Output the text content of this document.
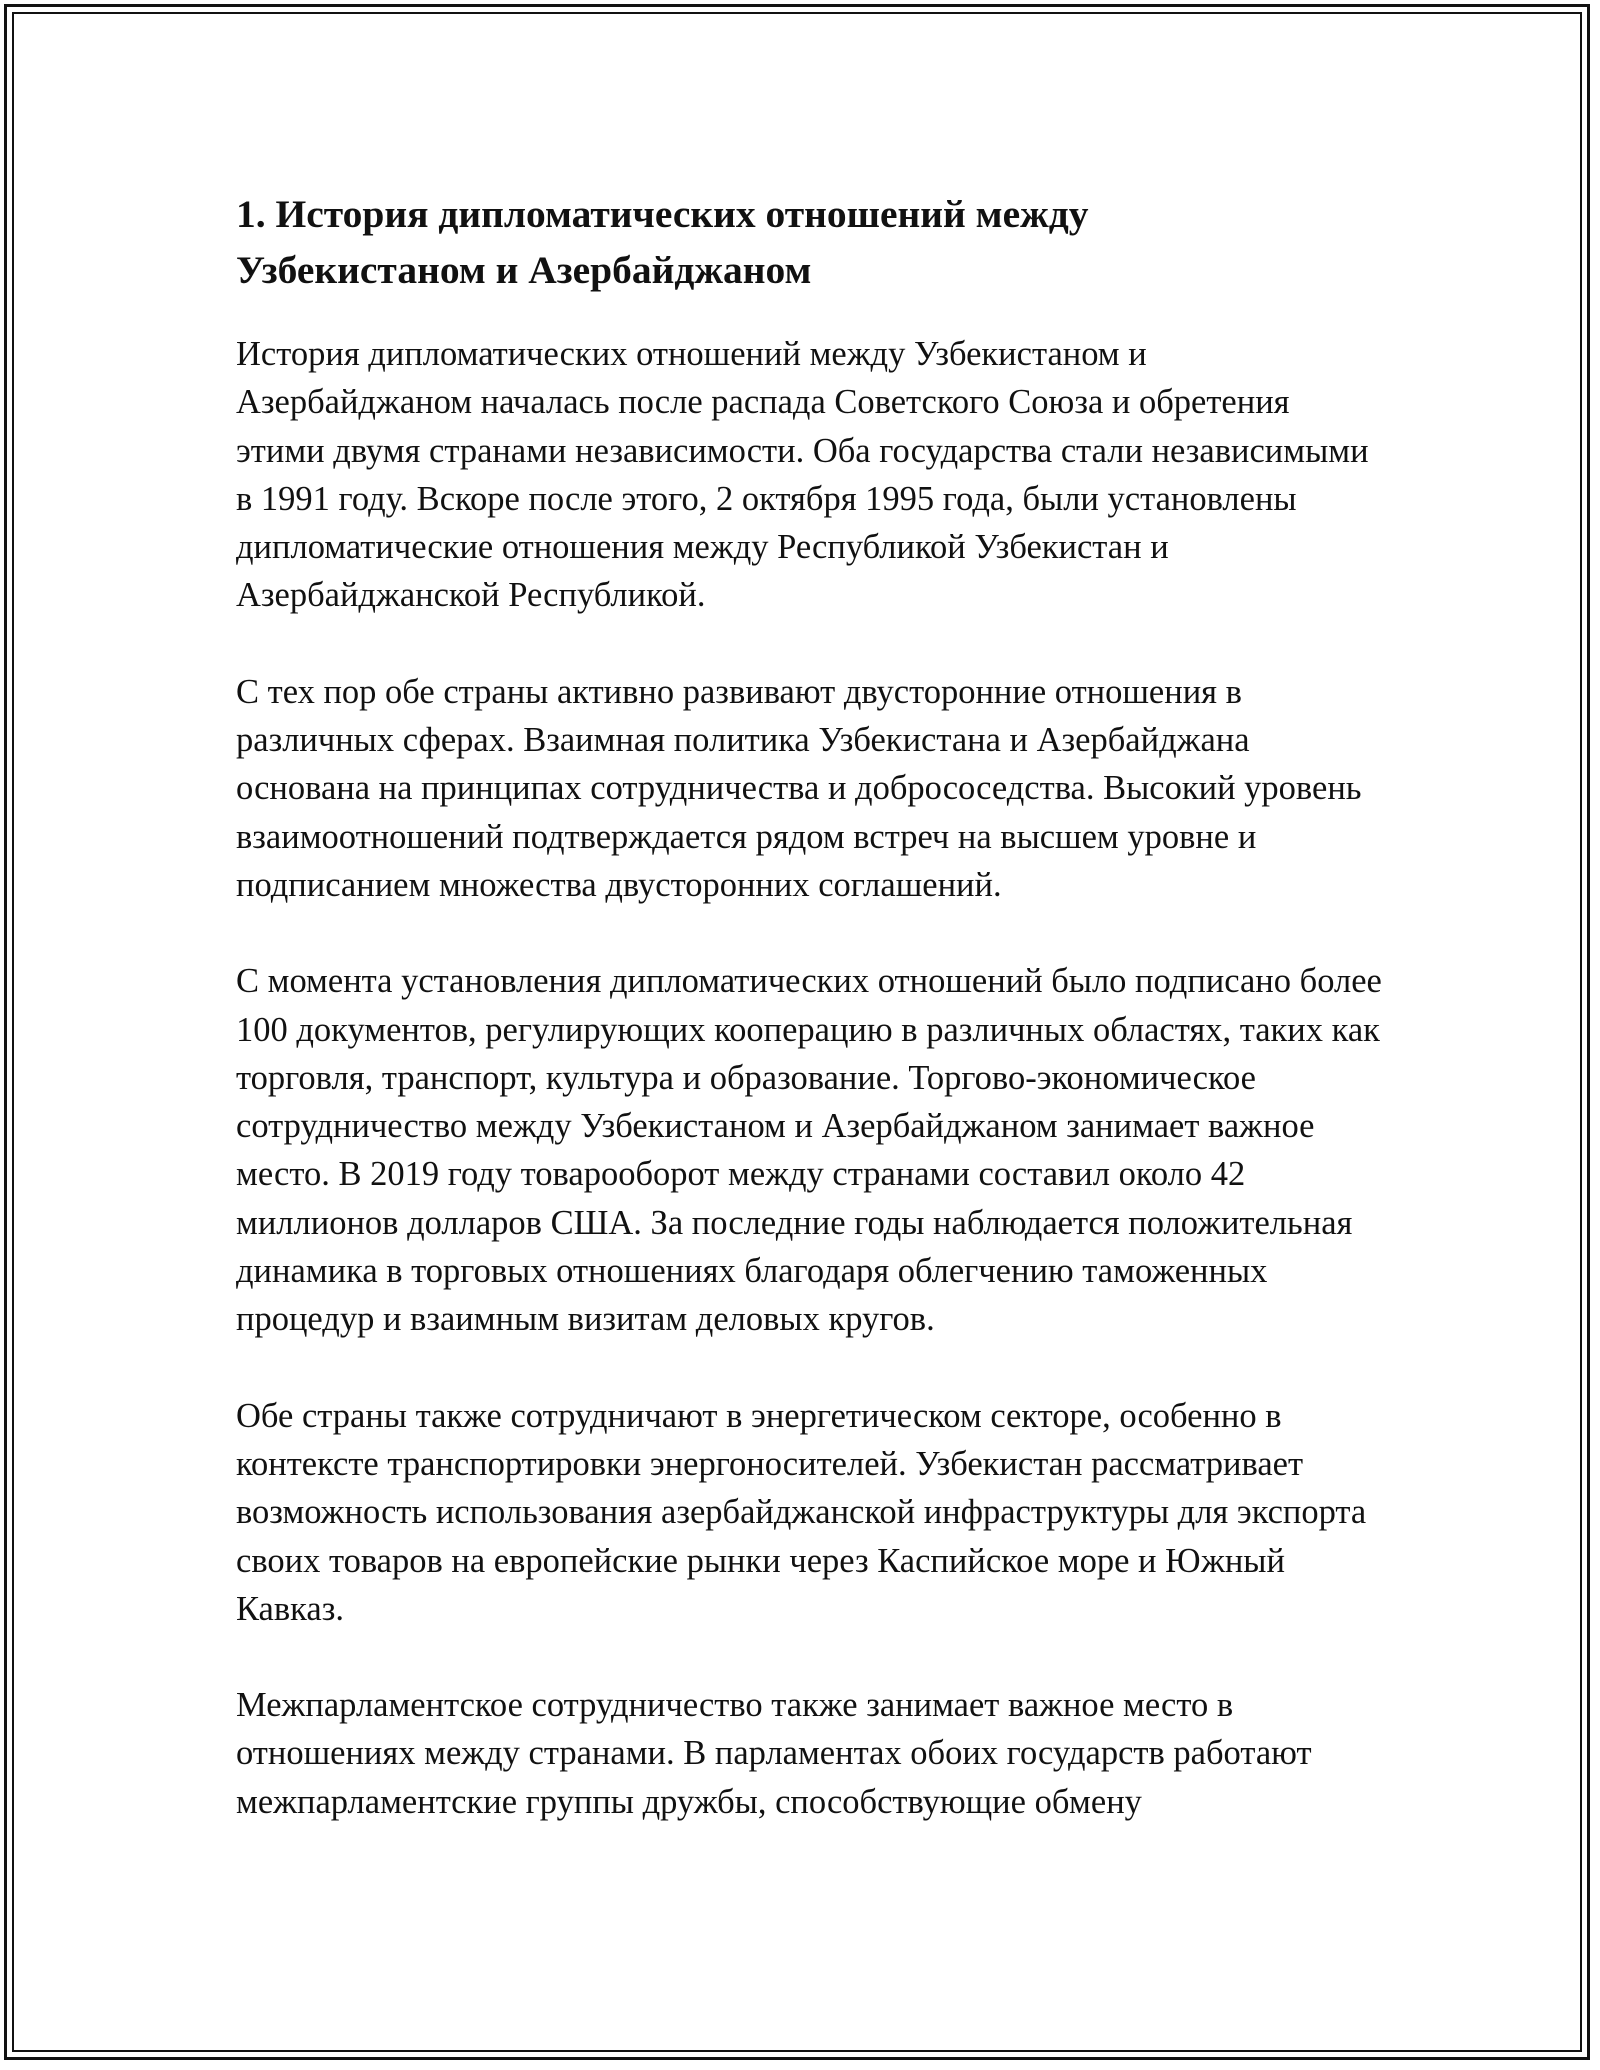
1. История дипломатических отношений между
Узбекистаном и Азербайджаном

История дипломатических отношений между Узбекистаном и Азербайджаном началась после распада Советского Союза и обретения этими двумя странами независимости. Оба государства стали независимыми в 1991 году. Вскоре после этого, 2 октября 1995 года, были установлены дипломатические отношения между Республикой Узбекистан и Азербайджанской Республикой.

С тех пор обе страны активно развивают двусторонние отношения в различных сферах. Взаимная политика Узбекистана и Азербайджана основана на принципах сотрудничества и добрососедства. Высокий уровень взаимоотношений подтверждается рядом встреч на высшем уровне и подписанием множества двусторонних соглашений.

С момента установления дипломатических отношений было подписано более 100 документов, регулирующих кооперацию в различных областях, таких как торговля, транспорт, культура и образование. Торгово-экономическое сотрудничество между Узбекистаном и Азербайджаном занимает важное место. В 2019 году товарооборот между странами составил около 42 миллионов долларов США. За последние годы наблюдается положительная динамика в торговых отношениях благодаря облегчению таможенных процедур и взаимным визитам деловых кругов.

Обе страны также сотрудничают в энергетическом секторе, особенно в контексте транспортировки энергоносителей. Узбекистан рассматривает возможность использования азербайджанской инфраструктуры для экспорта своих товаров на европейские рынки через Каспийское море и Южный Кавказ.

Межпарламентское сотрудничество также занимает важное место в отношениях между странами. В парламентах обоих государств работают межпарламентские группы дружбы, способствующие обмену
